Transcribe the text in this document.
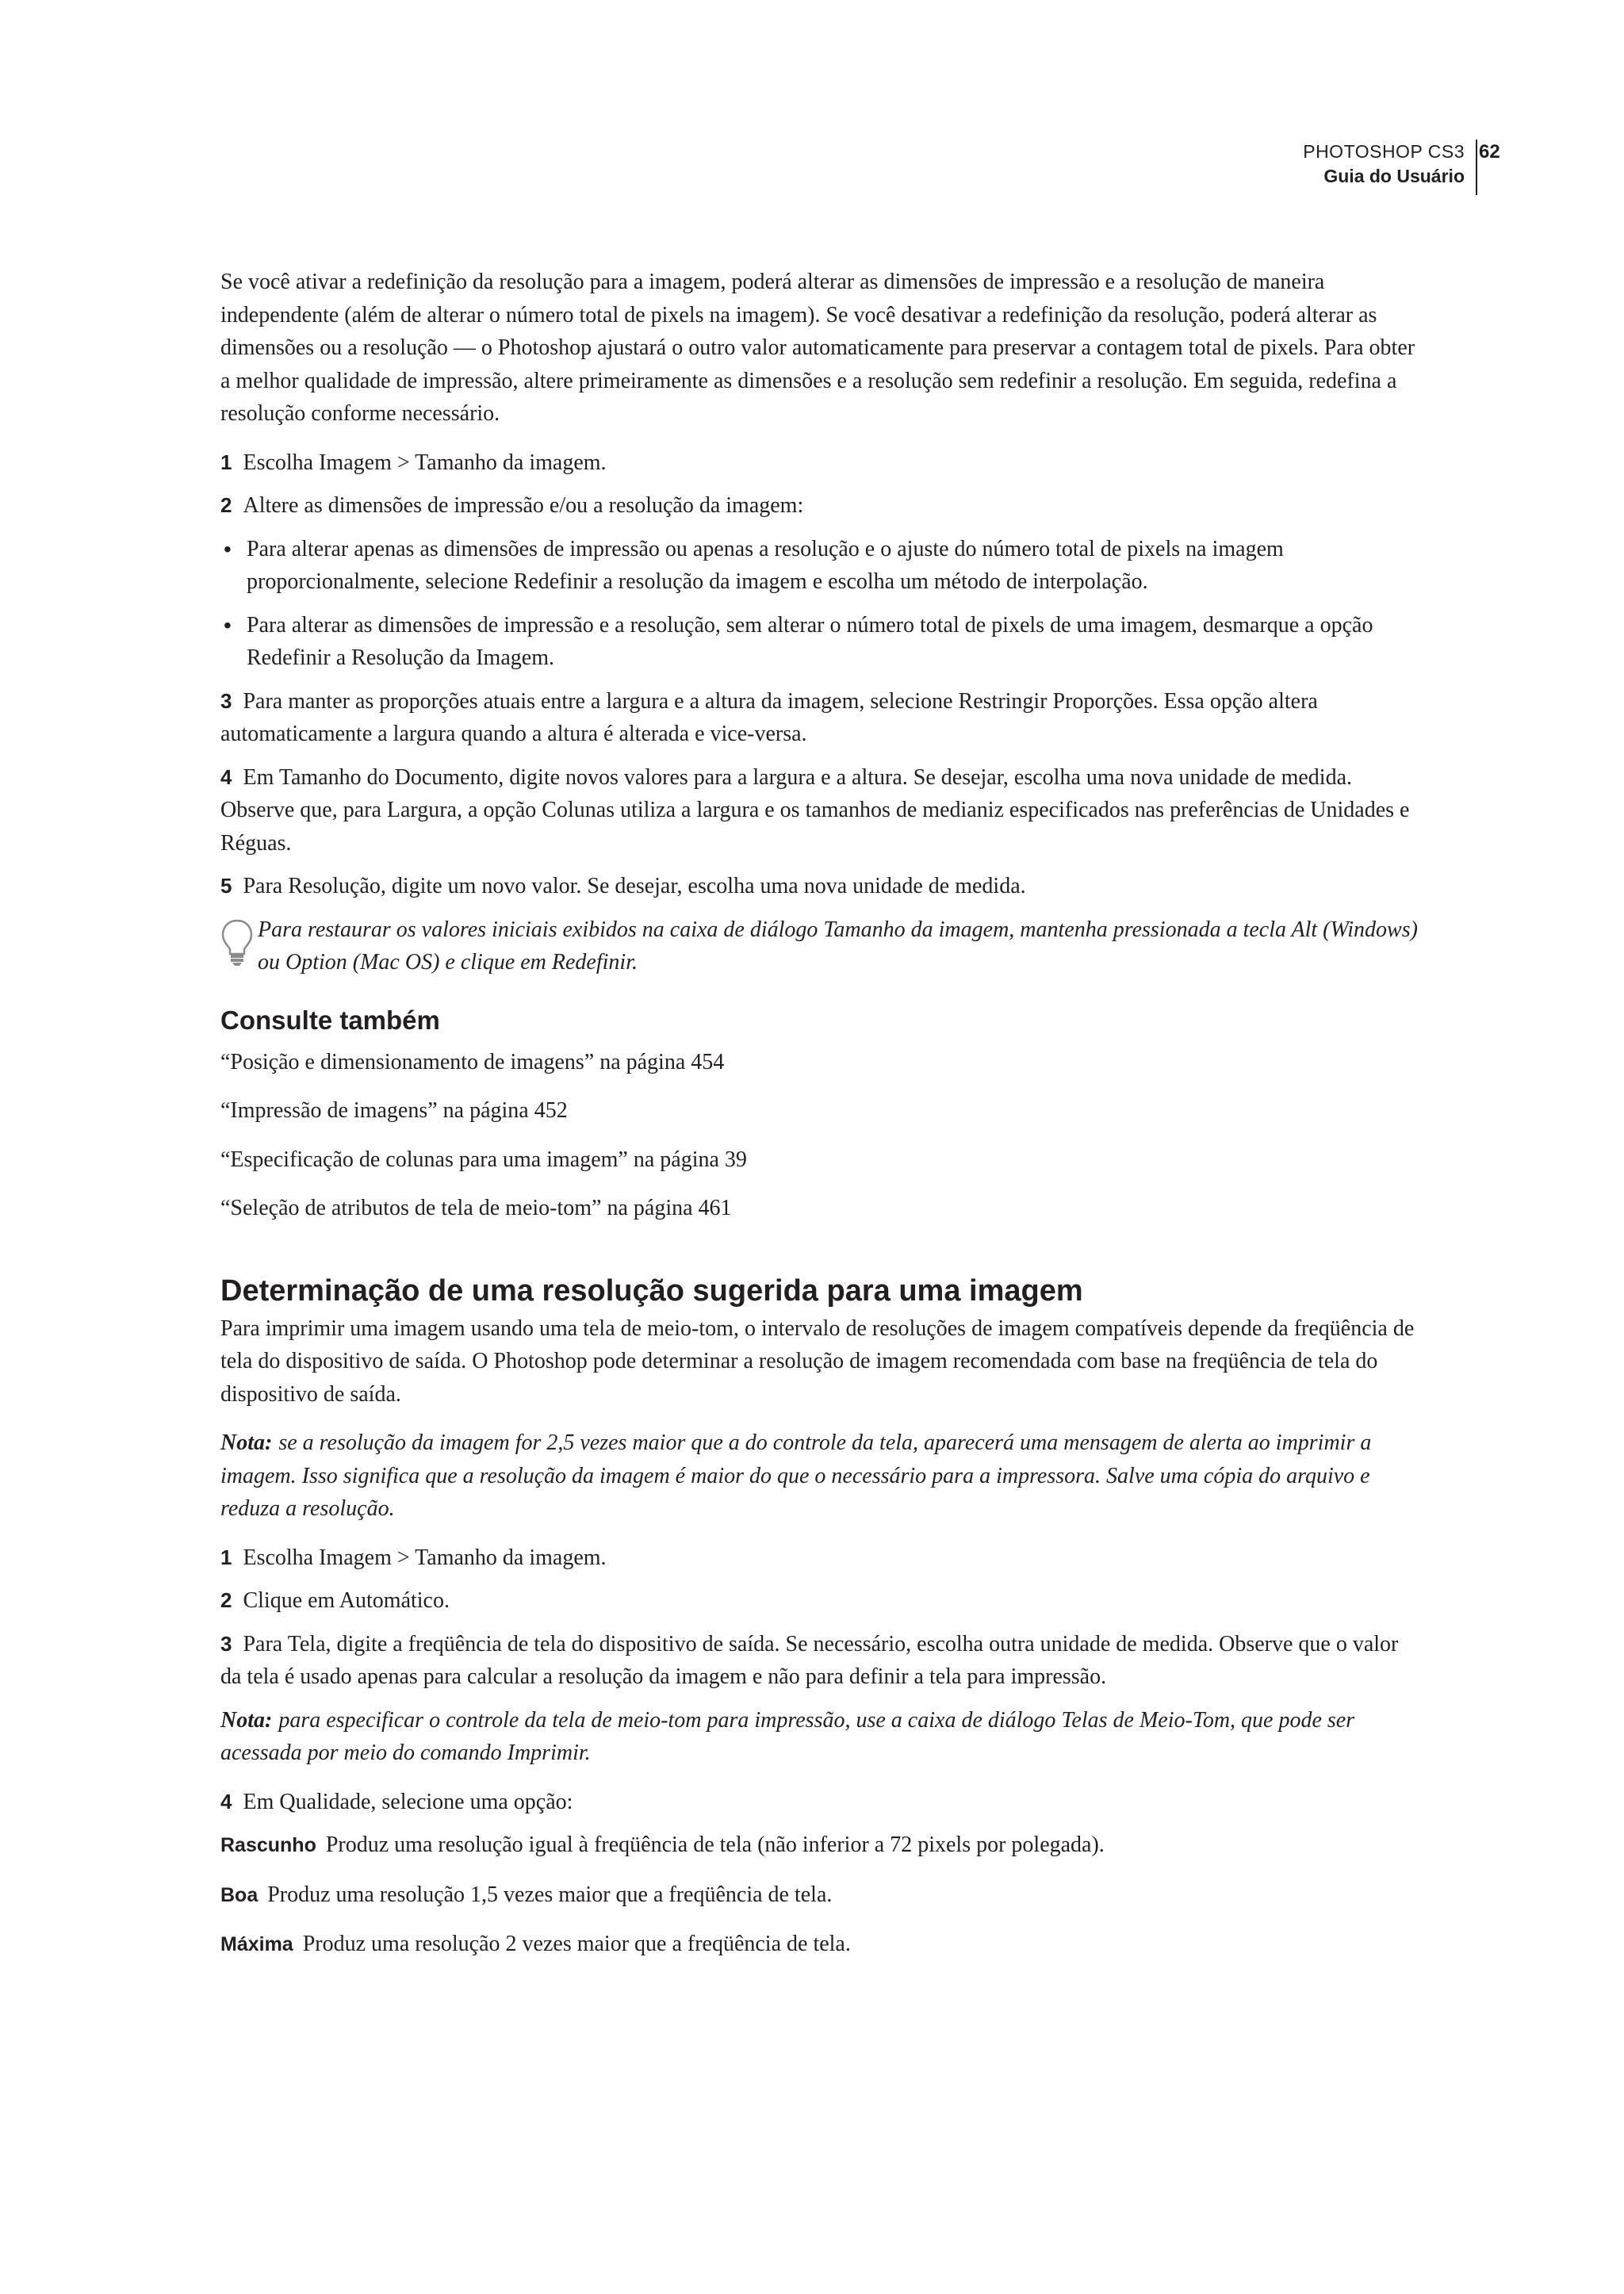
PHOTOSHOP CS3
Guia do Usuário
62

Se você ativar a redefinição da resolução para a imagem, poderá alterar as dimensões de impressão e a resolução de maneira independente (além de alterar o número total de pixels na imagem). Se você desativar a redefinição da resolução, poderá alterar as dimensões ou a resolução — o Photoshop ajustará o outro valor automaticamente para preservar a contagem total de pixels. Para obter a melhor qualidade de impressão, altere primeiramente as dimensões e a resolução sem redefinir a resolução. Em seguida, redefina a resolução conforme necessário.

1 Escolha Imagem > Tamanho da imagem.

2 Altere as dimensões de impressão e/ou a resolução da imagem:

• Para alterar apenas as dimensões de impressão ou apenas a resolução e o ajuste do número total de pixels na imagem proporcionalmente, selecione Redefinir a resolução da imagem e escolha um método de interpolação.

• Para alterar as dimensões de impressão e a resolução, sem alterar o número total de pixels de uma imagem, desmarque a opção Redefinir a Resolução da Imagem.

3 Para manter as proporções atuais entre a largura e a altura da imagem, selecione Restringir Proporções. Essa opção altera automaticamente a largura quando a altura é alterada e vice-versa.

4 Em Tamanho do Documento, digite novos valores para a largura e a altura. Se desejar, escolha uma nova unidade de medida. Observe que, para Largura, a opção Colunas utiliza a largura e os tamanhos de medianiz especificados nas preferências de Unidades e Réguas.

5 Para Resolução, digite um novo valor. Se desejar, escolha uma nova unidade de medida.

Para restaurar os valores iniciais exibidos na caixa de diálogo Tamanho da imagem, mantenha pressionada a tecla Alt (Windows) ou Option (Mac OS) e clique em Redefinir.
Consulte também

“Posição e dimensionamento de imagens” na página 454

“Impressão de imagens” na página 452

“Especificação de colunas para uma imagem” na página 39

“Seleção de atributos de tela de meio-tom” na página 461

Determinação de uma resolução sugerida para uma imagem

Para imprimir uma imagem usando uma tela de meio-tom, o intervalo de resoluções de imagem compatíveis depende da freqüência de tela do dispositivo de saída. O Photoshop pode determinar a resolução de imagem recomendada com base na freqüência de tela do dispositivo de saída.

Nota: se a resolução da imagem for 2,5 vezes maior que a do controle da tela, aparecerá uma mensagem de alerta ao imprimir a imagem. Isso significa que a resolução da imagem é maior do que o necessário para a impressora. Salve uma cópia do arquivo e reduza a resolução.

1 Escolha Imagem > Tamanho da imagem.

2 Clique em Automático.

3 Para Tela, digite a freqüência de tela do dispositivo de saída. Se necessário, escolha outra unidade de medida. Observe que o valor da tela é usado apenas para calcular a resolução da imagem e não para definir a tela para impressão.

Nota: para especificar o controle da tela de meio-tom para impressão, use a caixa de diálogo Telas de Meio-Tom, que pode ser acessada por meio do comando Imprimir.

4 Em Qualidade, selecione uma opção:

Rascunho Produz uma resolução igual à freqüência de tela (não inferior a 72 pixels por polegada).

Boa Produz uma resolução 1,5 vezes maior que a freqüência de tela.

Máxima Produz uma resolução 2 vezes maior que a freqüência de tela.
